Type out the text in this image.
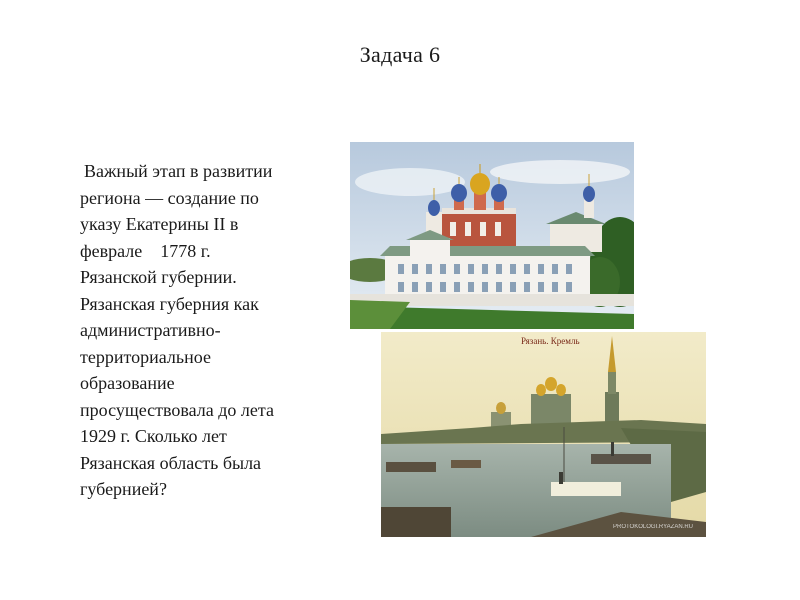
Задача 6
Важный этап в развитии
региона — создание по
указу Екатерины II в
феврале    1778 г.
Рязанской губернии.
Рязанская губерния как
административно-
территориальное
образование
просуществовала до лета
1929 г. Сколько лет
Рязанская область была
губернией?
Рязань. Кремль
PROTOKOLOGI.RYAZAN.RU
